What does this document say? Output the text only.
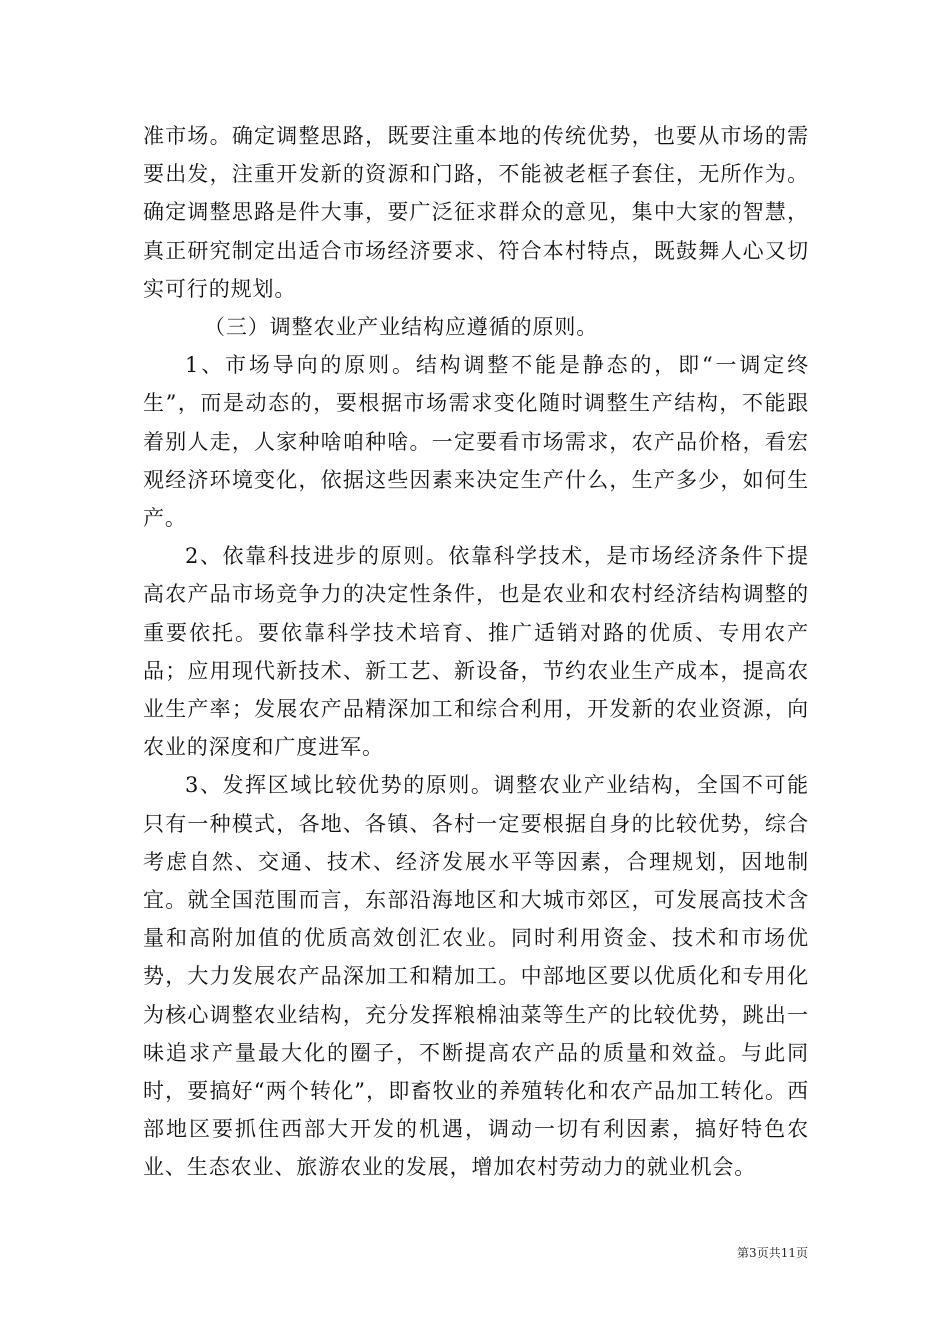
准市场。确定调整思路，既要注重本地的传统优势，也要从市场的需要出发，注重开发新的资源和门路，不能被老框子套住，无所作为。确定调整思路是件大事，要广泛征求群众的意见，集中大家的智慧，真正研究制定出适合市场经济要求、符合本村特点，既鼓舞人心又切实可行的规划。

（三）调整农业产业结构应遵循的原则。

1、市场导向的原则。结构调整不能是静态的，即“一调定终生”，而是动态的，要根据市场需求变化随时调整生产结构，不能跟着别人走，人家种啥咱种啥。一定要看市场需求，农产品价格，看宏观经济环境变化，依据这些因素来决定生产什么，生产多少，如何生产。

2、依靠科技进步的原则。依靠科学技术，是市场经济条件下提高农产品市场竞争力的决定性条件，也是农业和农村经济结构调整的重要依托。要依靠科学技术培育、推广适销对路的优质、专用农产品；应用现代新技术、新工艺、新设备，节约农业生产成本，提高农业生产率；发展农产品精深加工和综合利用，开发新的农业资源，向农业的深度和广度进军。

3、发挥区域比较优势的原则。调整农业产业结构，全国不可能只有一种模式，各地、各镇、各村一定要根据自身的比较优势，综合考虑自然、交通、技术、经济发展水平等因素，合理规划，因地制宜。就全国范围而言，东部沿海地区和大城市郊区，可发展高技术含量和高附加值的优质高效创汇农业。同时利用资金、技术和市场优势，大力发展农产品深加工和精加工。中部地区要以优质化和专用化为核心调整农业结构，充分发挥粮棉油菜等生产的比较优势，跳出一味追求产量最大化的圈子，不断提高农产品的质量和效益。与此同时，要搞好“两个转化”，即畜牧业的养殖转化和农产品加工转化。西部地区要抓住西部大开发的机遇，调动一切有利因素，搞好特色农业、生态农业、旅游农业的发展，增加农村劳动力的就业机会。

第3页共11页
